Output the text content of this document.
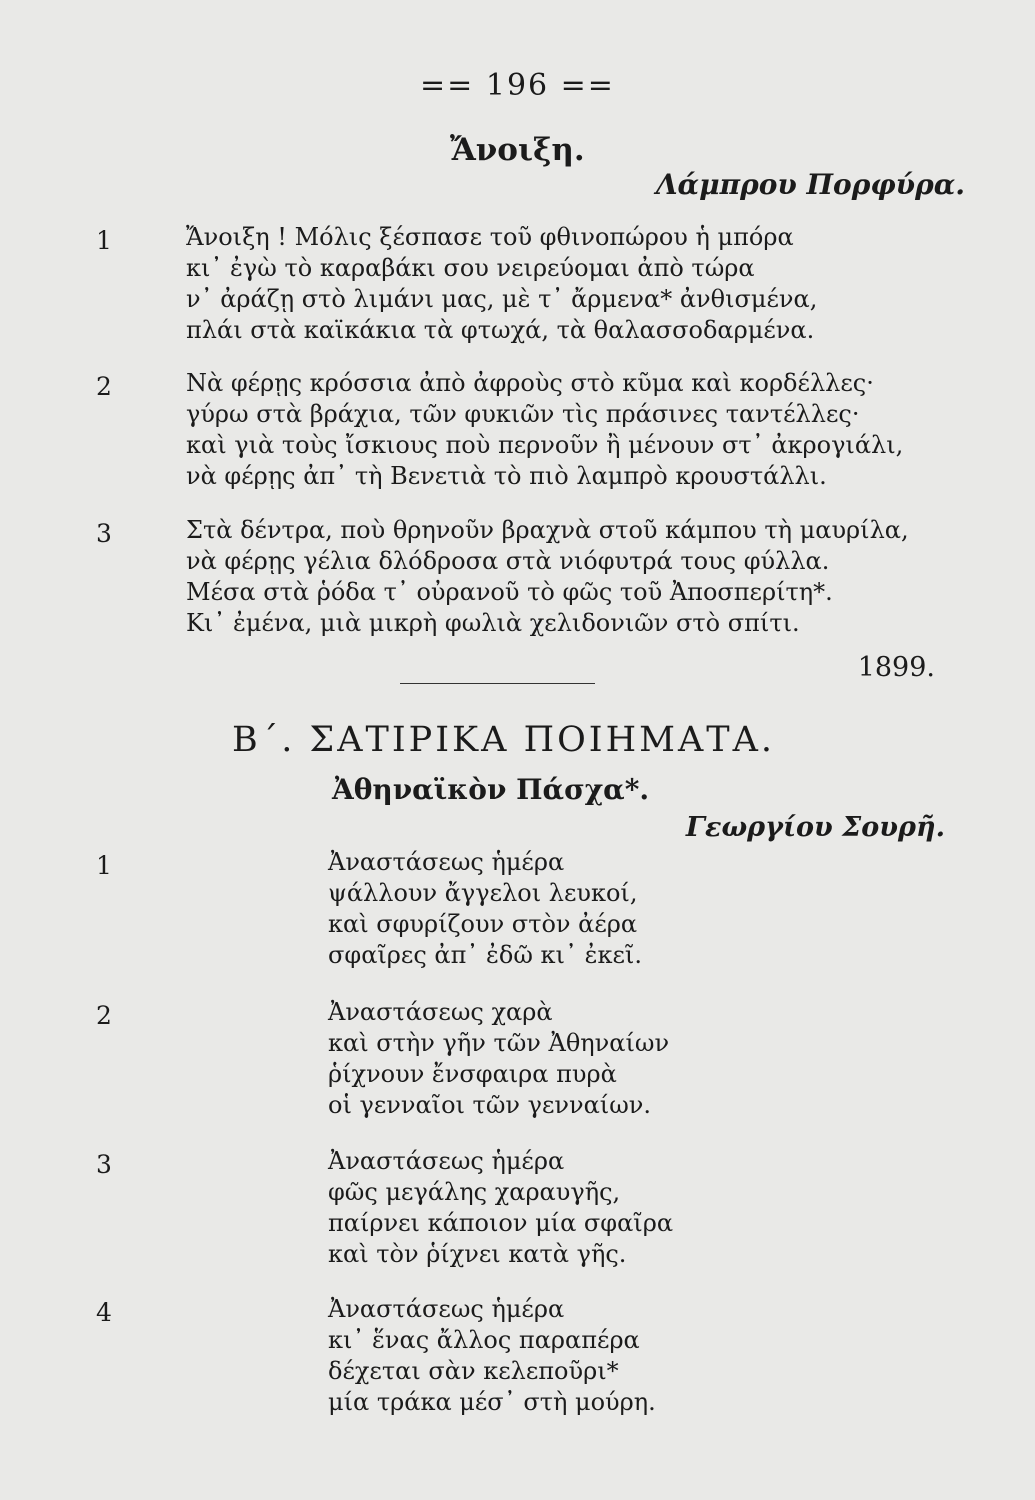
== 196 ==
Ἄνοιξη.
Λάμπρου Πορφύρα.
1	Ἄνοιξη ! Μόλις ξέσπασε τοῦ φθινοπώρου ἡ μπόρα
κι᾽ ἐγὼ τὸ καραβάκι σου νειρεύομαι ἀπὸ τώρα
ν᾽ ἀράζῃ στὸ λιμάνι μας, μὲ τ᾽ ἄρμενα* ἀνθισμένα,
πλάι στὰ καϊκάκια τὰ φτωχά, τὰ θαλασσοδαρμένα.
2	Νὰ φέρῃς κρόσσια ἀπὸ ἀφροὺς στὸ κῦμα καὶ κορδέλλες·
γύρω στὰ βράχια, τῶν φυκιῶν τὶς πράσινες ταντέλλες·
καὶ γιὰ τοὺς ἴσκιους ποὺ περνοῦν ἢ μένουν στ᾽ ἀκρογιάλι,
νὰ φέρῃς ἀπ᾽ τὴ Βενετιὰ τὸ πιὸ λαμπρὸ κρουστάλλι.
3	Στὰ δέντρα, ποὺ θρηνοῦν βραχνὰ στοῦ κάμπου τὴ μαυρίλα,
νὰ φέρῃς γέλια δλόδροσα στὰ νιόφυτρά τους φύλλα.
Μέσα στὰ ῥόδα τ᾽ οὐρανοῦ τὸ φῶς τοῦ Ἀποσπερίτη*.
Κι᾽ ἐμένα, μιὰ μικρὴ φωλιὰ χελιδονιῶν στὸ σπίτι.
1899.
Β΄. ΣΑΤΙΡΙΚΑ ΠΟΙΗΜΑΤΑ.
Ἀθηναϊκὸν Πάσχα*.
Γεωργίου Σουρῆ.
1	Ἀναστάσεως ἡμέρα
ψάλλουν ἄγγελοι λευκοί,
καὶ σφυρίζουν στὸν ἀέρα
σφαῖρες ἀπ᾽ ἐδῶ κι᾽ ἐκεῖ.
2	Ἀναστάσεως χαρὰ
καὶ στὴν γῆν τῶν Ἀθηναίων
ῥίχνουν ἔνσφαιρα πυρὰ
οἱ γενναῖοι τῶν γενναίων.
3	Ἀναστάσεως ἡμέρα
φῶς μεγάλης χαραυγῆς,
παίρνει κάποιον μία σφαῖρα
καὶ τὸν ῥίχνει κατὰ γῆς.
4	Ἀναστάσεως ἡμέρα
κι᾽ ἕνας ἄλλος παραπέρα
δέχεται σὰν κελεποῦρι*
μία τράκα μέσ᾽ στὴ μούρη.
